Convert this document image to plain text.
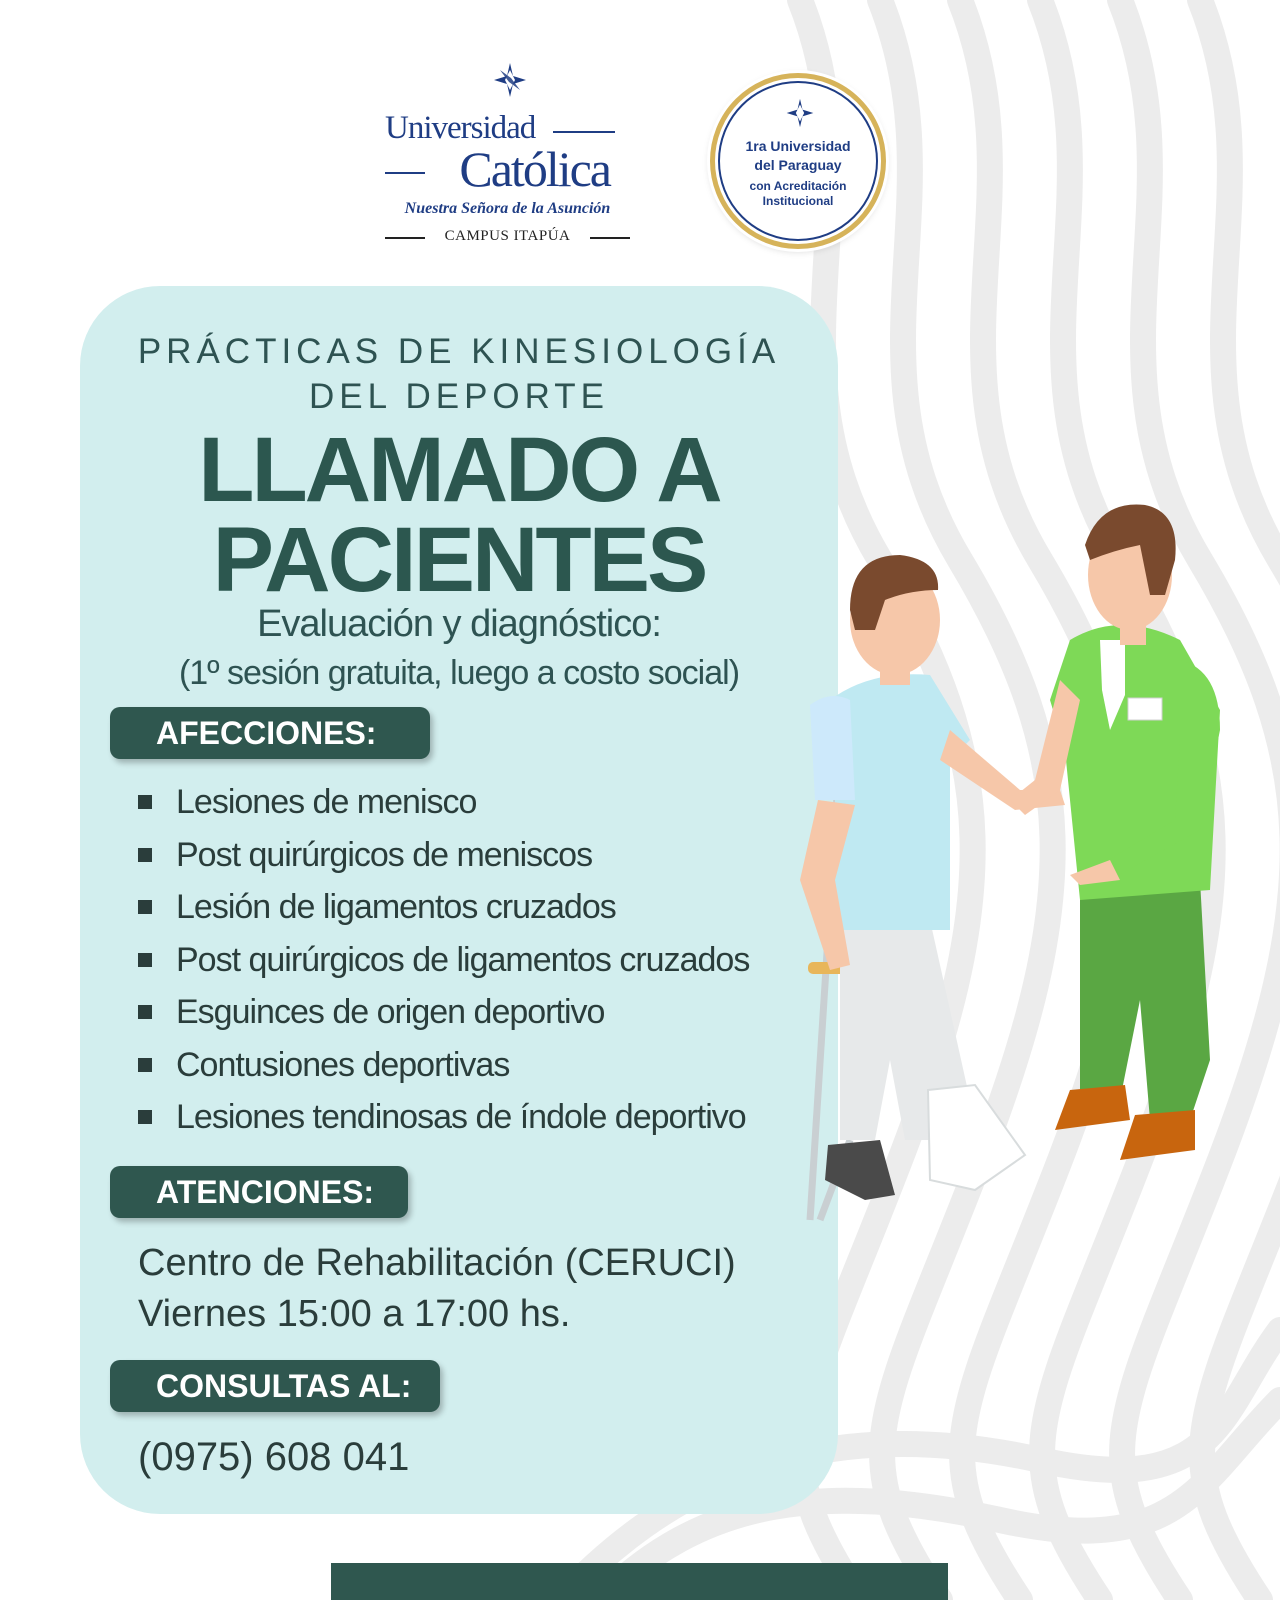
Universidad
Católica
Nuestra Señora de la Asunción
CAMPUS ITAPÚA
1ra Universidad
del Paraguay
con Acreditación
Institucional
PRÁCTICAS DE KINESIOLOGÍA
DEL DEPORTE
LLAMADO A
PACIENTES
Evaluación y diagnóstico:
(1º sesión gratuita, luego a costo social)
AFECCIONES:
Lesiones de menisco
Post quirúrgicos de meniscos
Lesión de ligamentos cruzados
Post quirúrgicos de ligamentos cruzados
Esguinces de origen deportivo
Contusiones deportivas
Lesiones tendinosas de índole deportivo
ATENCIONES:
Centro de Rehabilitación (CERUCI)
Viernes 15:00 a 17:00 hs.
CONSULTAS AL:
(0975) 608 041
